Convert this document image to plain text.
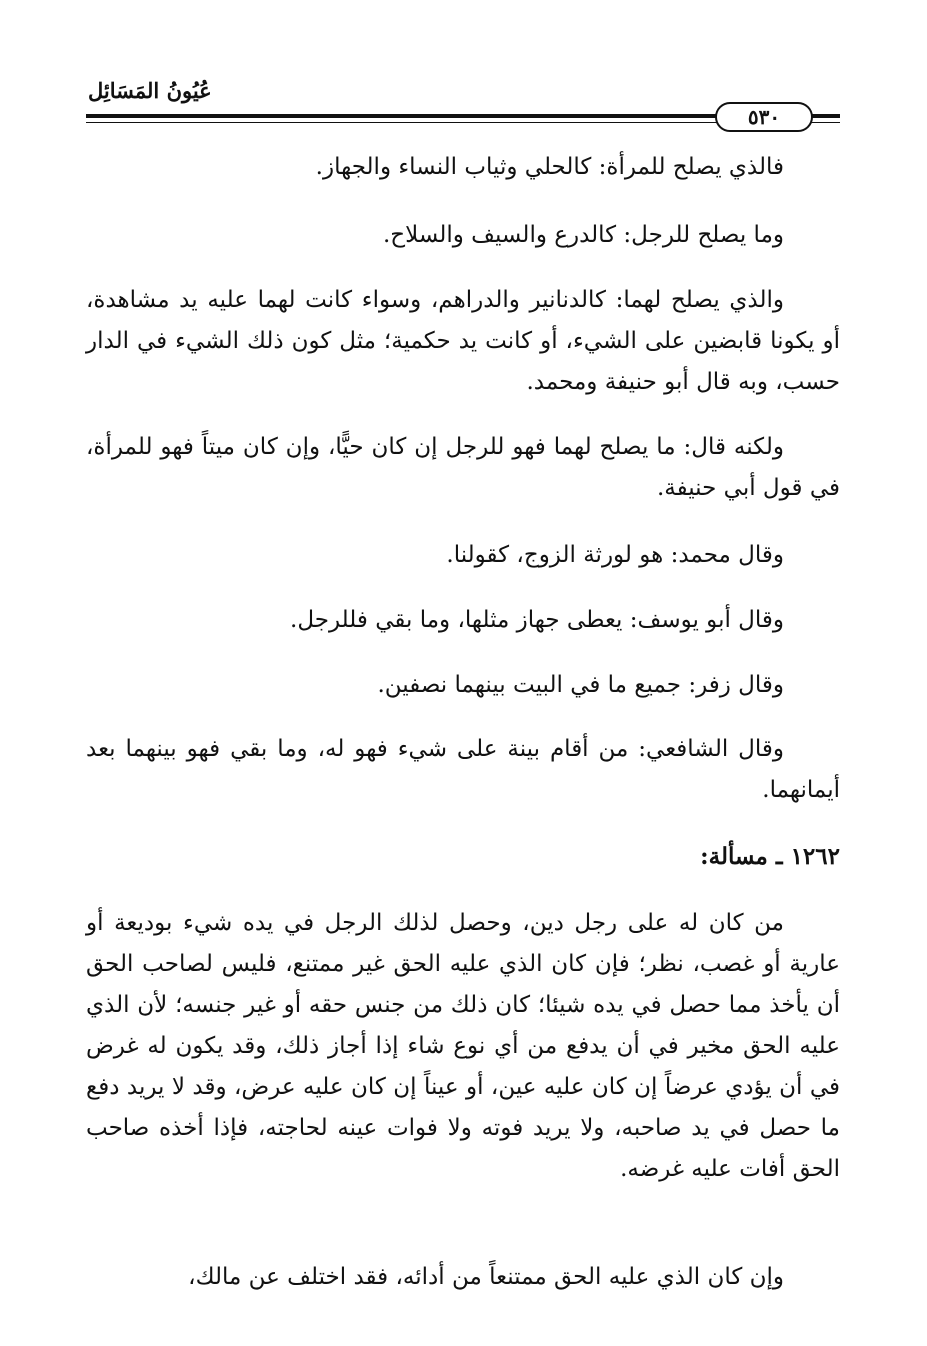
عُيُونُ المَسَائِل
٥٣٠

فالذي يصلح للمرأة: كالحلي وثياب النساء والجهاز.

وما يصلح للرجل: كالدرع والسيف والسلاح.

والذي يصلح لهما: كالدنانير والدراهم، وسواء كانت لهما عليه يد مشاهدة، أو يكونا قابضين على الشيء، أو كانت يد حكمية؛ مثل كون ذلك الشيء في الدار حسب، وبه قال أبو حنيفة ومحمد.

ولكنه قال: ما يصلح لهما فهو للرجل إن كان حيًّا، وإن كان ميتاً فهو للمرأة، في قول أبي حنيفة.

وقال محمد: هو لورثة الزوج، كقولنا.

وقال أبو يوسف: يعطى جهاز مثلها، وما بقي فللرجل.

وقال زفر: جميع ما في البيت بينهما نصفين.

وقال الشافعي: من أقام بينة على شيء فهو له، وما بقي فهو بينهما بعد أيمانهما.

١٢٦٢ ـ مسألة:

من كان له على رجل دين، وحصل لذلك الرجل في يده شيء بوديعة أو عارية أو غصب، نظر؛ فإن كان الذي عليه الحق غير ممتنع، فليس لصاحب الحق أن يأخذ مما حصل في يده شيئا؛ كان ذلك من جنس حقه أو غير جنسه؛ لأن الذي عليه الحق مخير في أن يدفع من أي نوع شاء إذا أجاز ذلك، وقد يكون له غرض في أن يؤدي عرضاً إن كان عليه عين، أو عيناً إن كان عليه عرض، وقد لا يريد دفع ما حصل في يد صاحبه، ولا يريد فوته ولا فوات عينه لحاجته، فإذا أخذه صاحب الحق أفات عليه غرضه.

وإن كان الذي عليه الحق ممتنعاً من أدائه، فقد اختلف عن مالك،
